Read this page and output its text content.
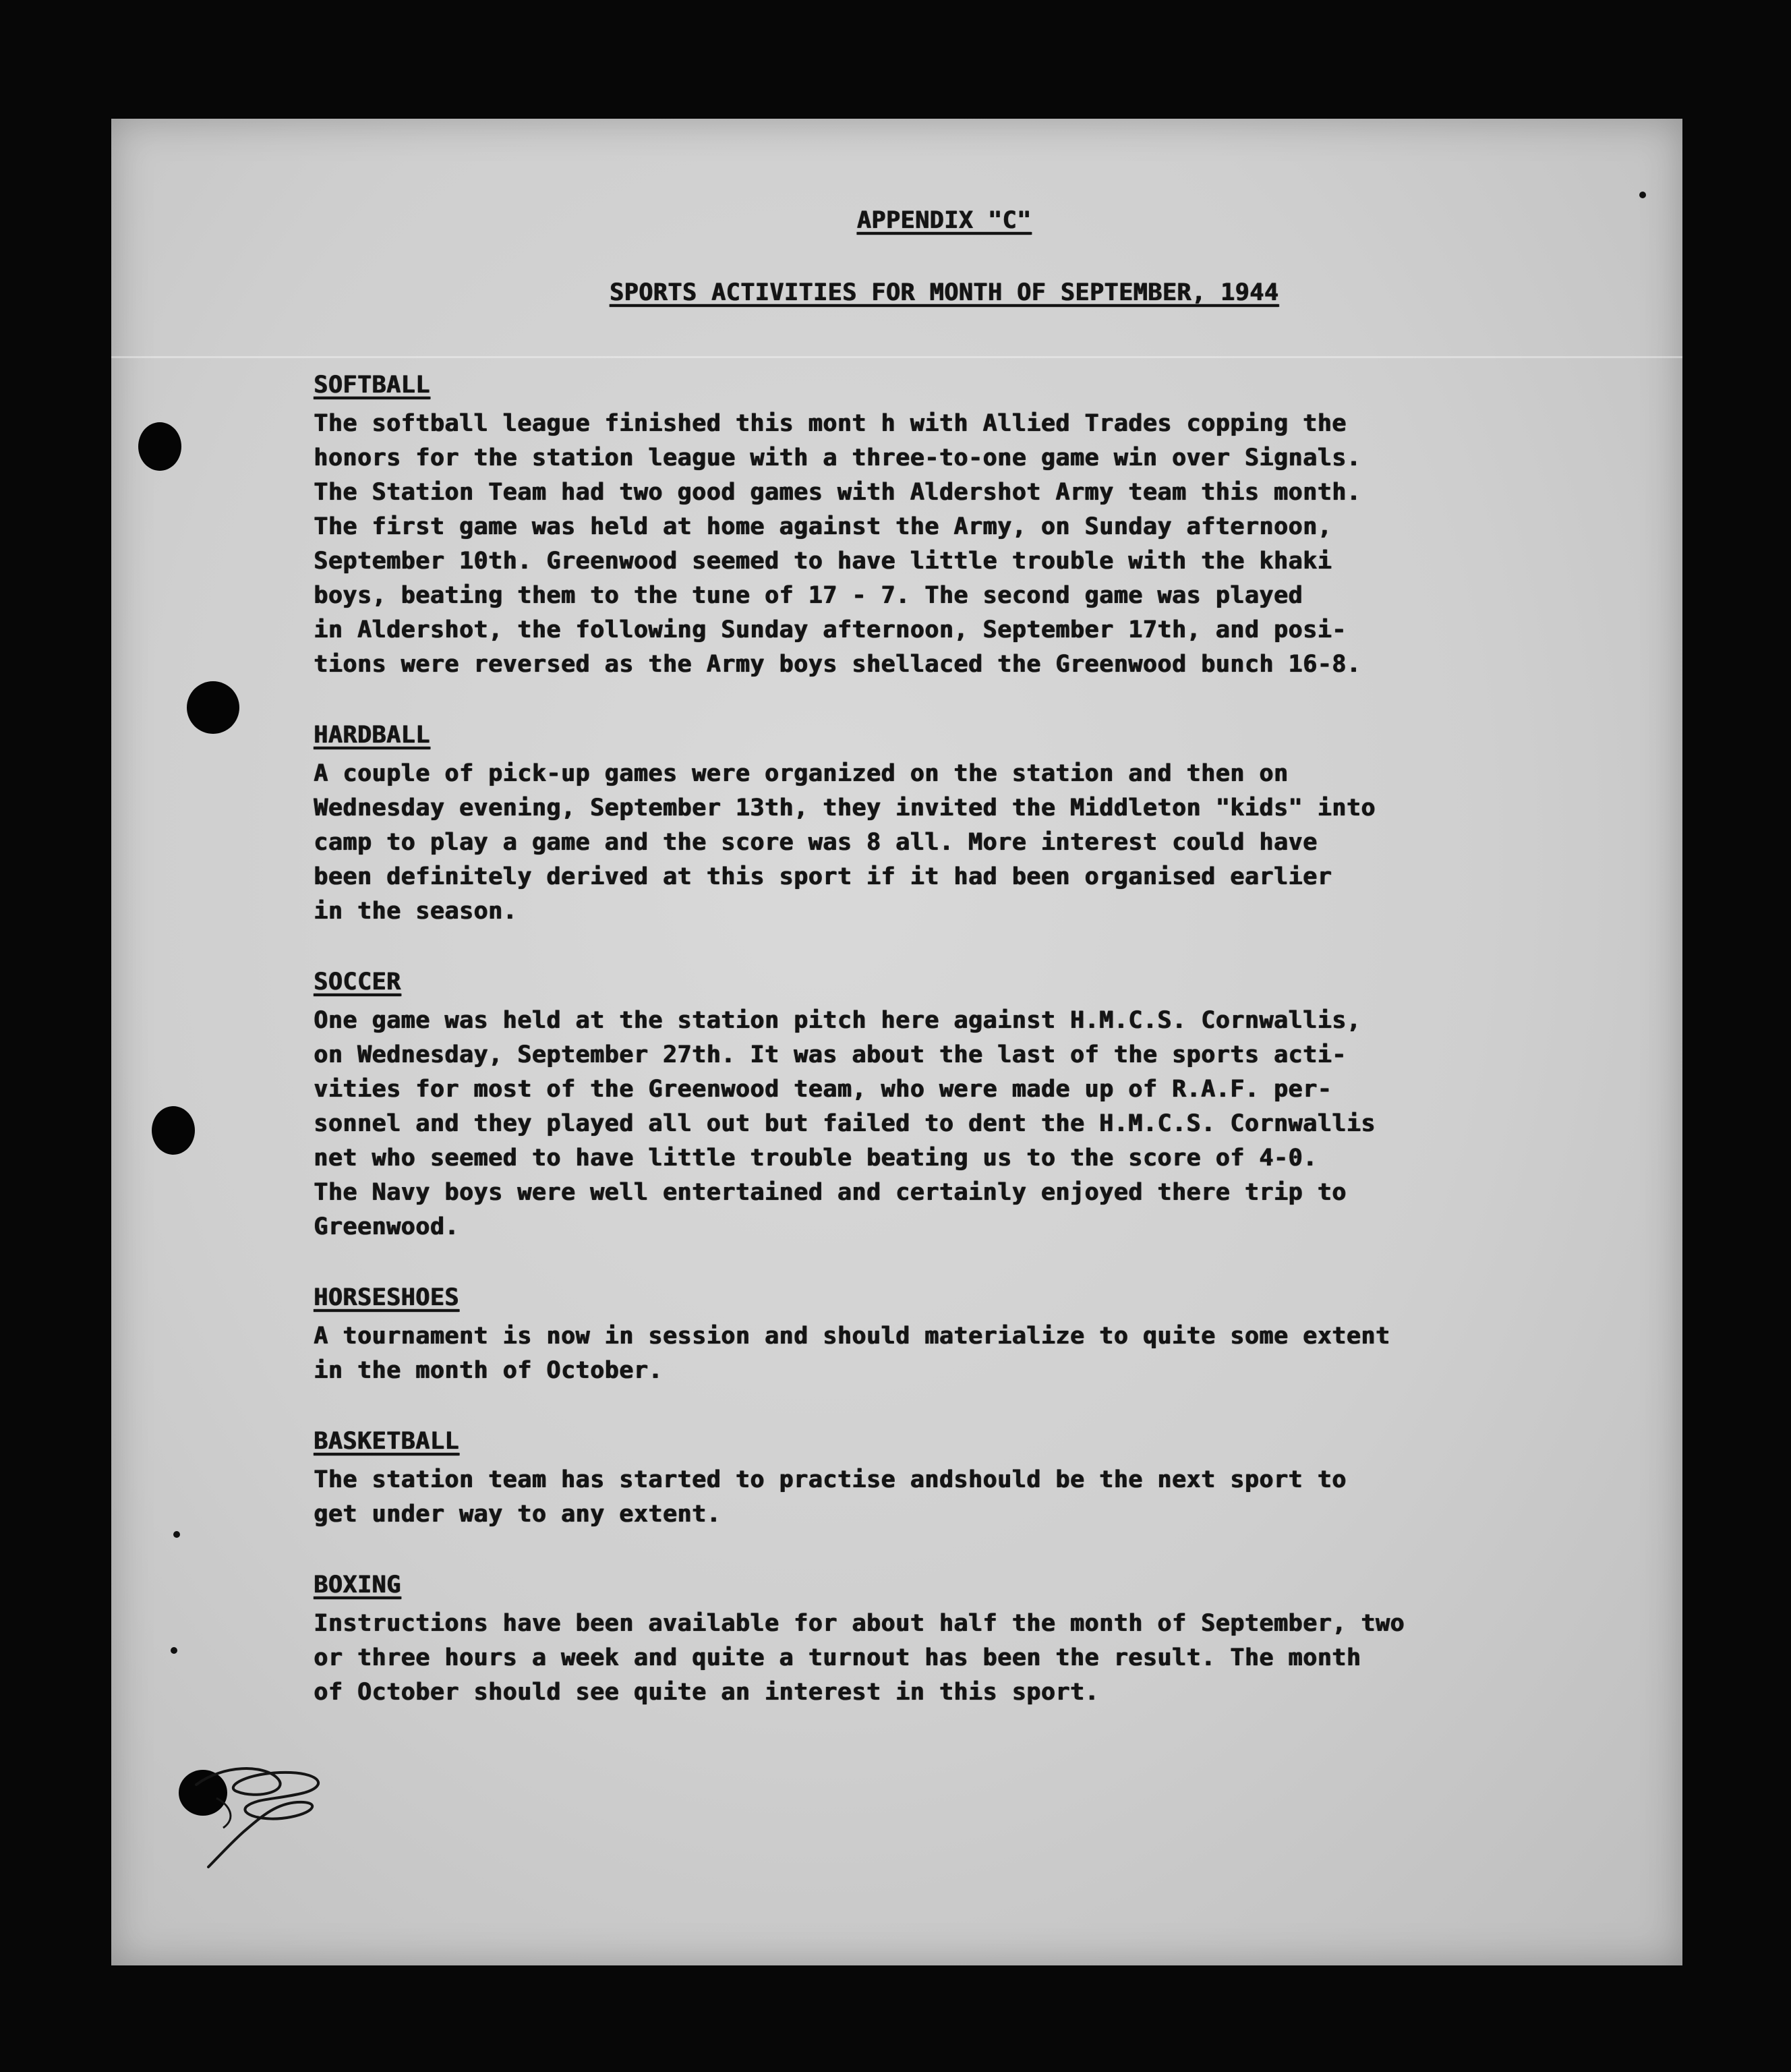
APPENDIX "C"

SPORTS ACTIVITIES FOR MONTH OF SEPTEMBER, 1944

SOFTBALL

The softball league finished this mont h with Allied Trades copping the
honors for the station league with a three-to-one game win over Signals.
The Station Team had two good games with Aldershot Army team this month.
The first game was held at home against the Army, on Sunday afternoon,
September 10th. Greenwood seemed to have little trouble with the khaki
boys, beating them to the tune of 17 - 7. The second game was played
in Aldershot, the following Sunday afternoon, September 17th, and posi-
tions were reversed as the Army boys shellaced the Greenwood bunch 16-8.

HARDBALL

A couple of pick-up games were organized on the station and then on
Wednesday evening, September 13th, they invited the Middleton "kids" into
camp to play a game and the score was 8 all. More interest could have
been definitely derived at this sport if it had been organised earlier
in the season.

SOCCER

One game was held at the station pitch here against H.M.C.S. Cornwallis,
on Wednesday, September 27th. It was about the last of the sports acti-
vities for most of the Greenwood team, who were made up of R.A.F. per-
sonnel and they played all out but failed to dent the H.M.C.S. Cornwallis
net who seemed to have little trouble beating us to the score of 4-0.
The Navy boys were well entertained and certainly enjoyed there trip to
Greenwood.

HORSESHOES

A tournament is now in session and should materialize to quite some extent
in the month of October.

BASKETBALL

The station team has started to practise andshould be the next sport to
get under way to any extent.

BOXING

Instructions have been available for about half the month of September, two
or three hours a week and quite a turnout has been the result. The month
of October should see quite an interest in this sport.
